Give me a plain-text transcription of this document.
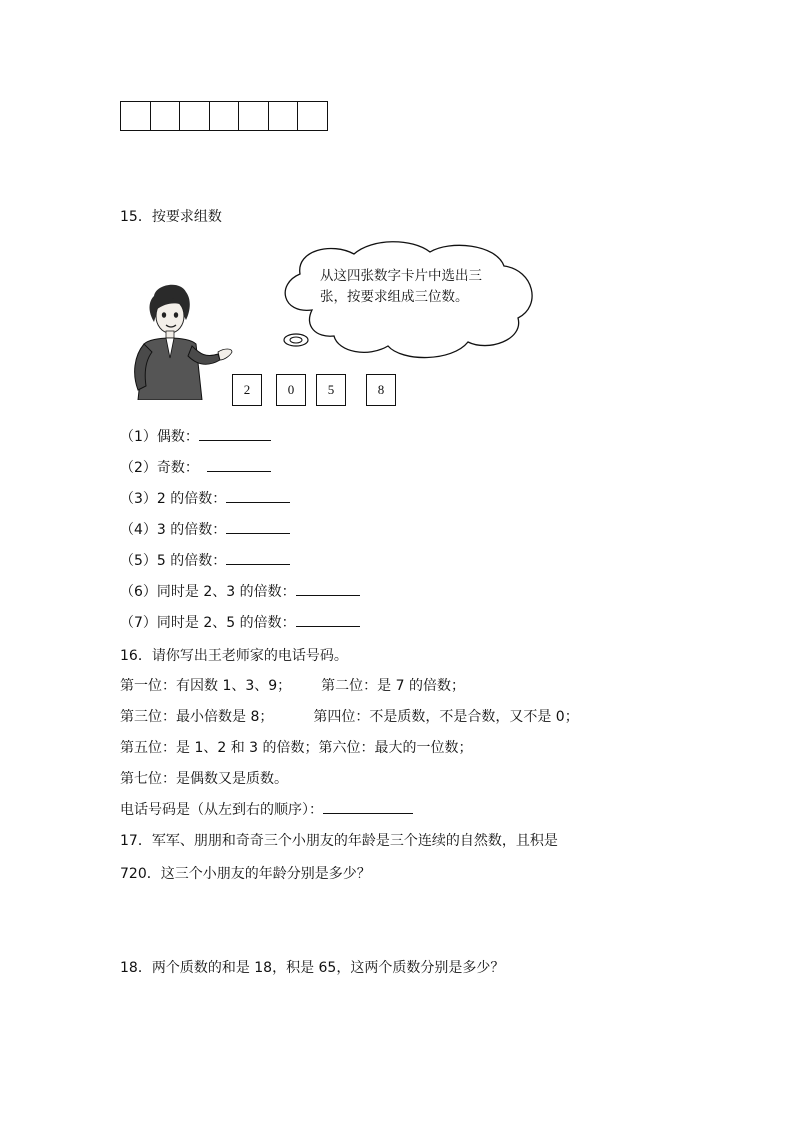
15．按要求组数
从这四张数字卡片中选出三张，按要求组成三位数。
2	0	5	8
（1）偶数：
（2）奇数：
（3）2 的倍数：
（4）3 的倍数：
（5）5 的倍数：
（6）同时是 2、3 的倍数：
（7）同时是 2、5 的倍数：
16．请你写出王老师家的电话号码。
第一位：有因数 1、3、9； 第二位：是 7 的倍数；
第三位：最小倍数是 8；	第四位：不是质数，不是合数，又不是 0；
第五位：是 1、2 和 3 的倍数；第六位：最大的一位数；
第七位：是偶数又是质数。
电话号码是（从左到右的顺序）：
17．军军、朋朋和奇奇三个小朋友的年龄是三个连续的自然数，且积是
720．这三个小朋友的年龄分别是多少？
18．两个质数的和是 18，积是 65，这两个质数分别是多少？
